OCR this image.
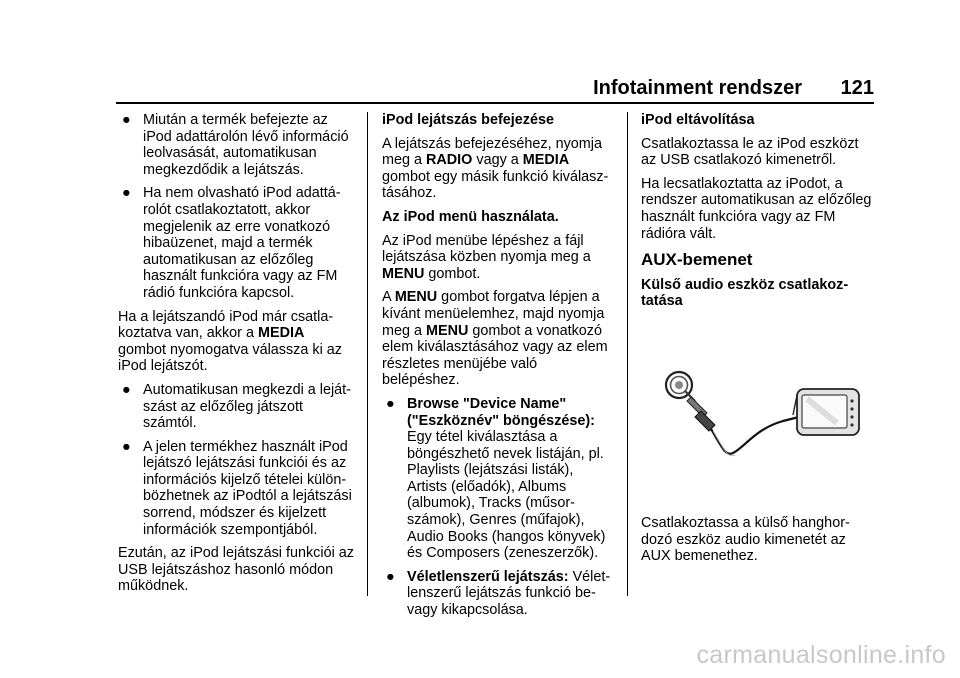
Infotainment rendszer 121
● Miután a termék befejezte az iPod adattárolón lévő információ leolvasását, automatikusan megkezdődik a lejátszás.
● Ha nem olvasható iPod adattá- rolót csatlakoztatott, akkor megjelenik az erre vonatkozó hibaüzenet, majd a termék automatikusan az előzőleg használt funkcióra vagy az FM rádió funkcióra kapcsol.

Ha a lejátszandó iPod már csatla- koztatva van, akkor a MEDIA gombot nyomogatva válassza ki az iPod lejátszót.

● Automatikusan megkezdi a leját- szást az előzőleg játszott számtól.
● A jelen termékhez használt iPod lejátszó lejátszási funkciói és az információs kijelző tételei külön- bözhetnek az iPodtól a lejátszási sorrend, módszer és kijelzett információk szempontjából.

Ezután, az iPod lejátszási funkciói az USB lejátszáshoz hasonló módon működnek.

iPod lejátszás befejezése

A lejátszás befejezéséhez, nyomja meg a RADIO vagy a MEDIA gombot egy másik funkció kiválasz- tásához.

Az iPod menü használata.

Az iPod menübe lépéshez a fájl lejátszása közben nyomja meg a MENU gombot.

A MENU gombot forgatva lépjen a kívánt menüelemhez, majd nyomja meg a MENU gombot a vonatkozó elem kiválasztásához vagy az elem részletes menüjébe való belépéshez.

● Browse "Device Name" ("Eszköznév" böngészése): Egy tétel kiválasztása a böngészhető nevek listáján, pl. Playlists (lejátszási listák), Artists (előadók), Albums (albumok), Tracks (műsor- számok), Genres (műfajok), Audio Books (hangos könyvek) és Composers (zeneszerzők).
● Véletlenszerű lejátszás: Vélet- lenszerű lejátszás funkció be- vagy kikapcsolása.
iPod eltávolítása

Csatlakoztassa le az iPod eszközt az USB csatlakozó kimenetről.

Ha lecsatlakoztatta az iPodot, a rendszer automatikusan az előzőleg használt funkcióra vagy az FM rádióra vált.

AUX-bemenet
Külső audio eszköz csatlakoz- tatása

Csatlakoztassa a külső hanghor- dozó eszköz audio kimenetét az AUX bemenethez.

carmanualsonline.info
